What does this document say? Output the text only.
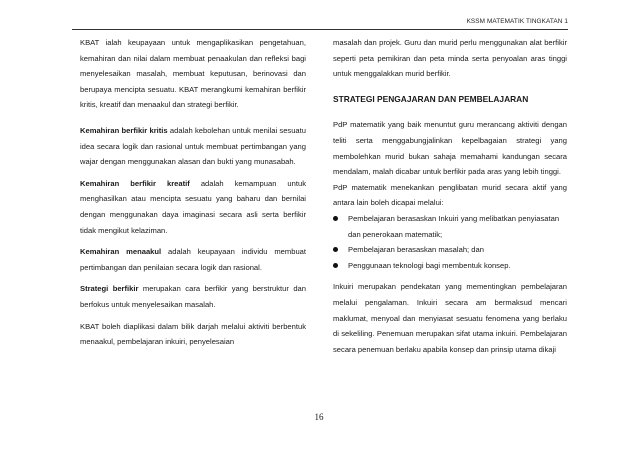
KSSM MATEMATIK TINGKATAN 1

KBAT ialah keupayaan untuk mengaplikasikan pengetahuan, kemahiran dan nilai dalam membuat penaakulan dan refleksi bagi menyelesaikan masalah, membuat keputusan, berinovasi dan berupaya mencipta sesuatu. KBAT merangkumi kemahiran berfikir kritis, kreatif dan menaakul dan strategi berfikir.

Kemahiran berfikir kritis adalah kebolehan untuk menilai sesuatu idea secara logik dan rasional untuk membuat pertimbangan yang wajar dengan menggunakan alasan dan bukti yang munasabah.

Kemahiran berfikir kreatif adalah kemampuan untuk menghasilkan atau mencipta sesuatu yang baharu dan bernilai dengan menggunakan daya imaginasi secara asli serta berfikir tidak mengikut kelaziman.

Kemahiran menaakul adalah keupayaan individu membuat pertimbangan dan penilaian secara logik dan rasional.

Strategi berfikir merupakan cara berfikir yang berstruktur dan berfokus untuk menyelesaikan masalah.

KBAT boleh diaplikasi dalam bilik darjah melalui aktiviti berbentuk menaakul, pembelajaran inkuiri, penyelesaian

masalah dan projek. Guru dan murid perlu menggunakan alat berfikir seperti peta pemikiran dan peta minda serta penyoalan aras tinggi untuk menggalakkan murid berfikir.

STRATEGI PENGAJARAN DAN PEMBELAJARAN

PdP matematik yang baik menuntut guru merancang aktiviti dengan teliti serta menggabungjalinkan kepelbagaian strategi yang membolehkan murid bukan sahaja memahami kandungan secara mendalam, malah dicabar untuk berfikir pada aras yang lebih tinggi.

PdP matematik menekankan penglibatan murid secara aktif yang antara lain boleh dicapai melalui:

Pembelajaran berasaskan Inkuiri yang melibatkan penyiasatan dan penerokaan matematik;
Pembelajaran berasaskan masalah; dan
Penggunaan teknologi bagi membentuk konsep.

Inkuiri merupakan pendekatan yang mementingkan pembelajaran melalui pengalaman. Inkuiri secara am bermaksud mencari maklumat, menyoal dan menyiasat sesuatu fenomena yang berlaku di sekeliling. Penemuan merupakan sifat utama inkuiri. Pembelajaran secara penemuan berlaku apabila konsep dan prinsip utama dikaji

16
